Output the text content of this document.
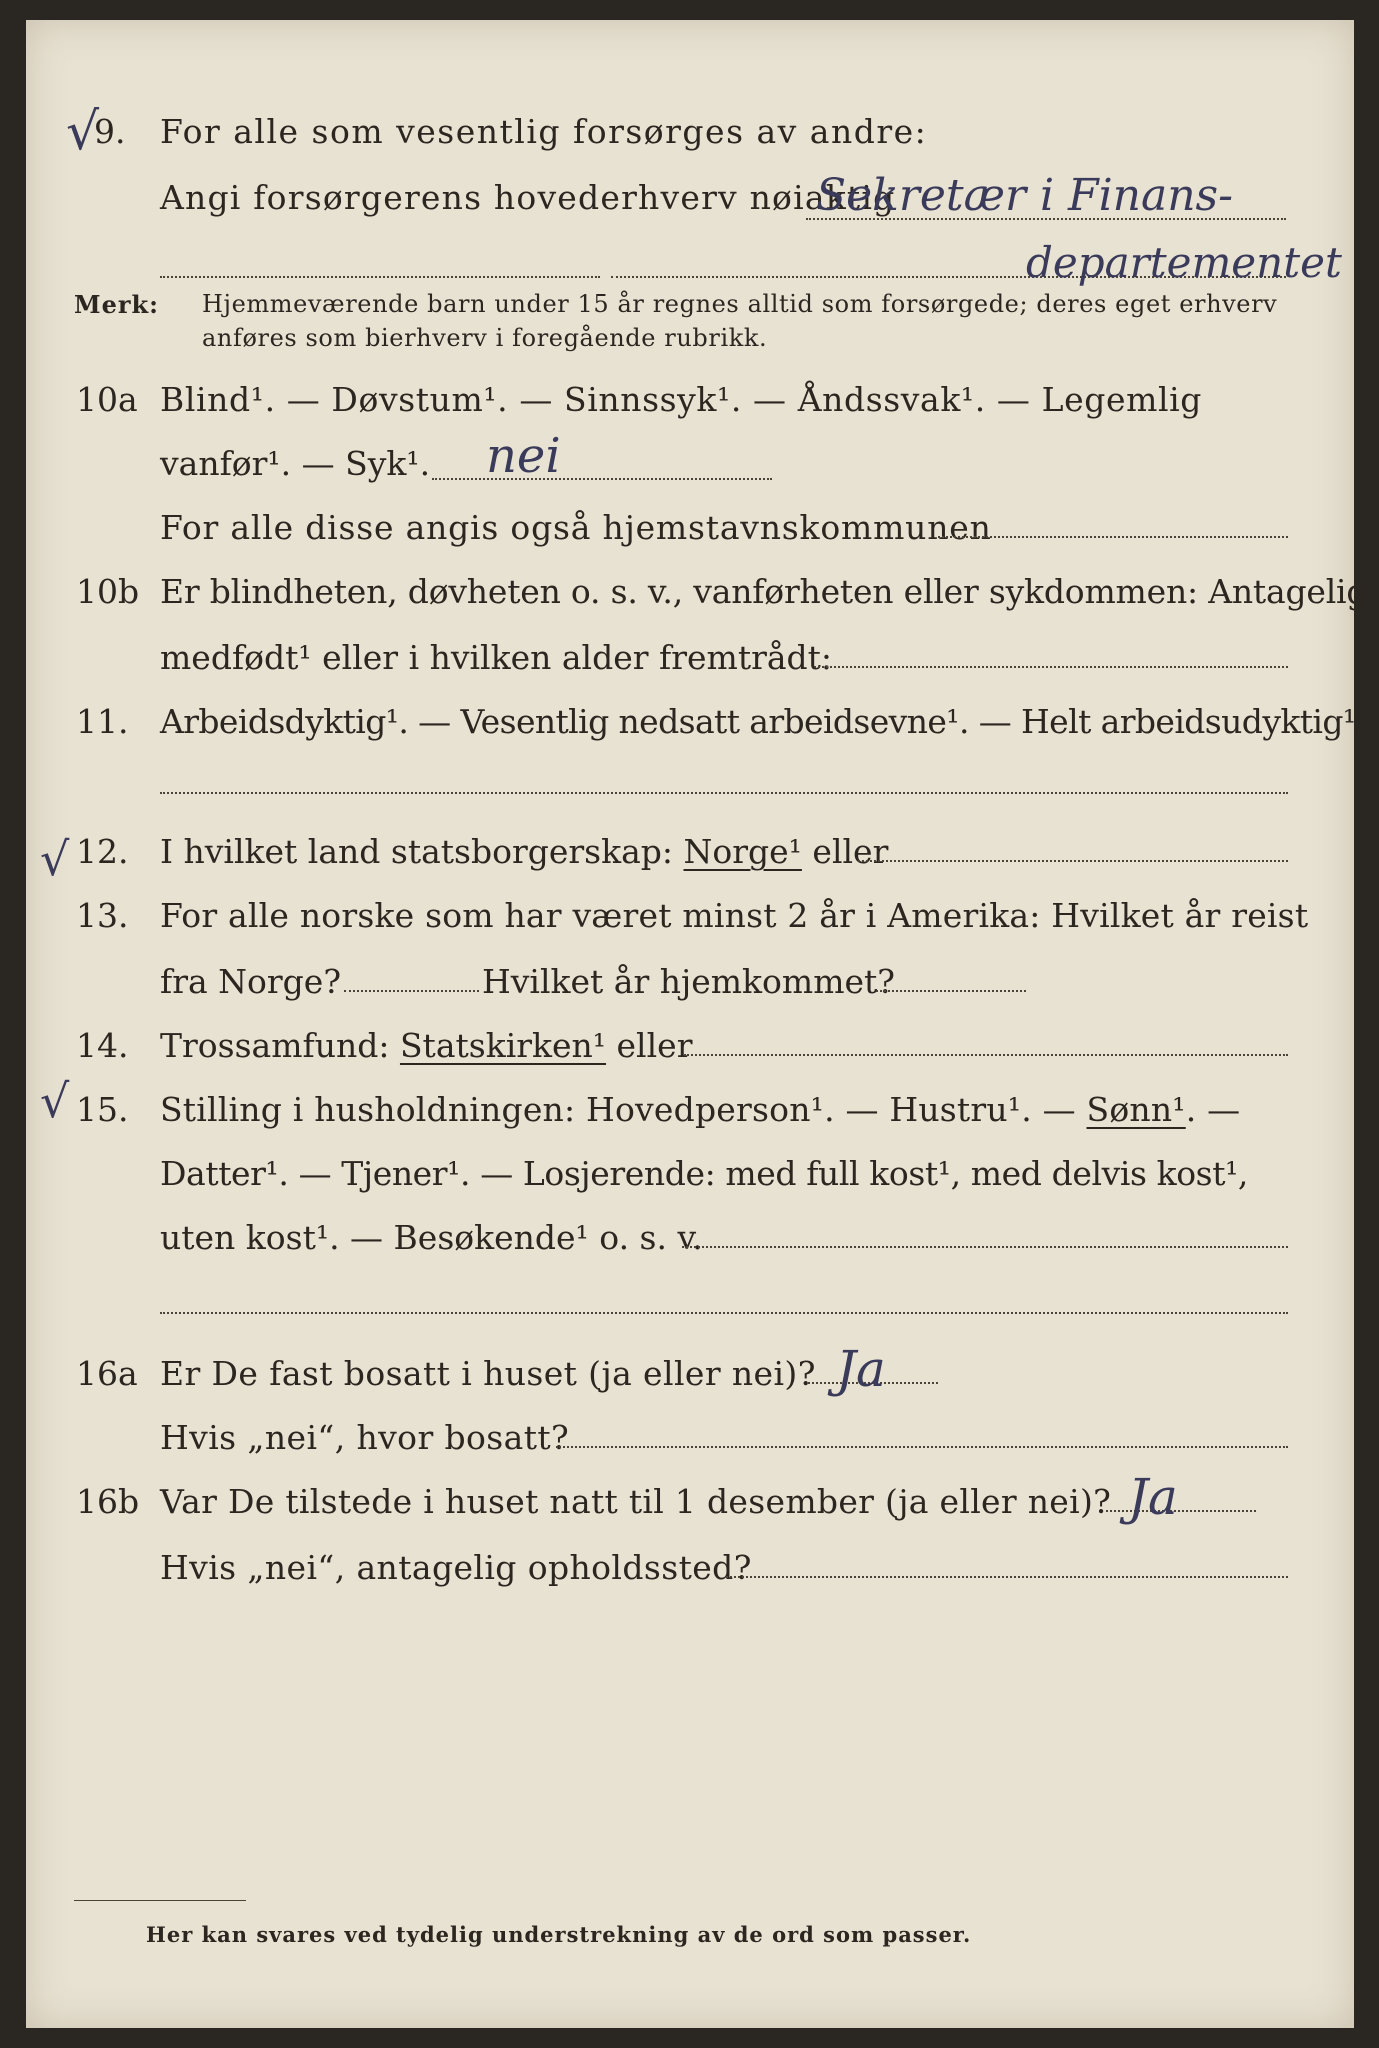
√
9. For alle som vesentlig forsørges av andre:
Angi forsørgerens hovederhverv nøiaktig
Sekretær i Finans-
departementet
Merk: Hjemmeværende barn under 15 år regnes alltid som forsørgede; deres eget erhverv
anføres som bierhverv i foregående rubrikk.
10a Blind¹. — Døvstum¹. — Sinnssyk¹. — Åndssvak¹. — Legemlig
vanfør¹. — Syk¹. nei
For alle disse angis også hjemstavnskommunen
10b Er blindheten, døvheten o. s. v., vanførheten eller sykdommen: Antagelig
medfødt¹ eller i hvilken alder fremtrådt:
11. Arbeidsdyktig¹. — Vesentlig nedsatt arbeidsevne¹. — Helt arbeidsudyktig¹.
√ 12. I hvilket land statsborgerskap: Norge¹ eller
13. For alle norske som har været minst 2 år i Amerika: Hvilket år reist
fra Norge?	Hvilket år hjemkommet?
14. Trossamfund: Statskirken¹ eller
√ 15. Stilling i husholdningen: Hovedperson¹. — Hustru¹. — Sønn¹. —
Datter¹. — Tjener¹. — Losjerende: med full kost¹, med delvis kost¹,
uten kost¹. — Besøkende¹ o. s. v.
16a Er De fast bosatt i huset (ja eller nei)? Ja
Hvis „nei“, hvor bosatt?
16b Var De tilstede i huset natt til 1 desember (ja eller nei)? Ja
Hvis „nei“, antagelig opholdssted?
Her kan svares ved tydelig understrekning av de ord som passer.
